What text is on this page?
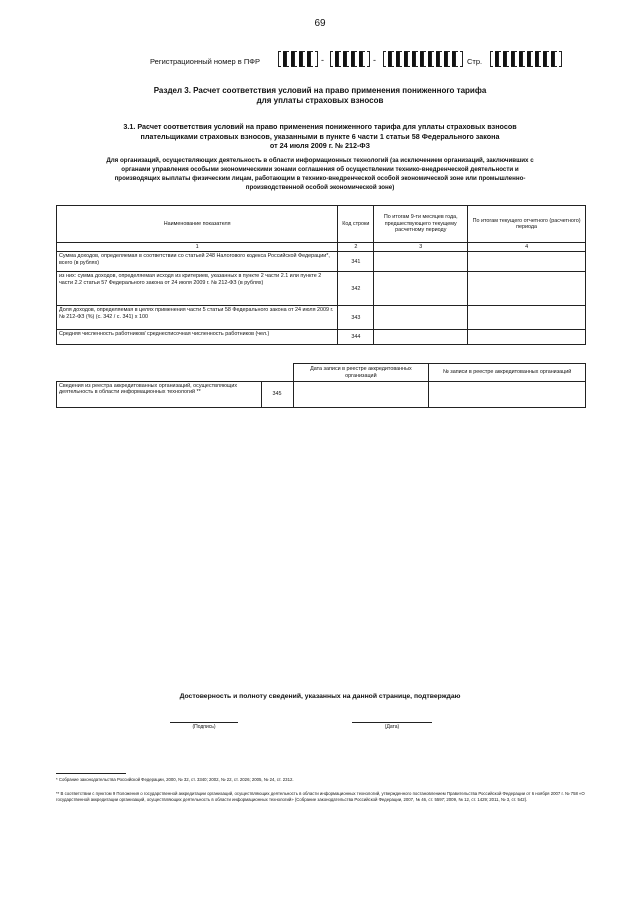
69
Регистрационный номер в ПФР	-	-	Стр.
Раздел 3. Расчет соответствия условий на право применения пониженного тарифа
для уплаты страховых взносов
3.1. Расчет соответствия условий на право применения пониженного тарифа для уплаты страховых взносов
плательщиками страховых взносов, указанными в пункте 6 части 1 статьи 58 Федерального закона
от 24 июля 2009 г. № 212-ФЗ
Для организаций, осуществляющих деятельность в области информационных технологий (за исключением организаций, заключивших с
органами управления особыми экономическими зонами соглашения об осуществлении технико-внедренческой деятельности и
производящих выплаты физическим лицам, работающим в технико-внедренческой особой экономической зоне или промышленно-
производственной особой экономической зоне)
Наименование показателя	Код строки	По итогам 9-ти месяцев года, предшествующего текущему расчетному периоду	По итогам текущего отчетного (расчетного) периода
1	2	3	4
Сумма доходов, определяемая в соответствии со статьей 248 Налогового кодекса Российской Федерации*, всего (в рублях)	341		
из них: сумма доходов, определяемая исходя из критериев, указанных в пункте 2 части 2.1 или пункте 2 части 2.2 статьи 57 Федерального закона от 24 июля 2009 г. № 212-ФЗ (в рублях)	342		
Доля доходов, определяемая в целях применения части 5 статьи 58 Федерального закона от 24 июля 2009 г. № 212-ФЗ (%) (с. 342 / с. 341) x 100	343		
Средняя численность работников/ среднесписочная численность работников (чел.)	344		
		Дата записи в реестре аккредитованных организаций	№ записи в реестре аккредитованных организаций
Сведения из реестра аккредитованных организаций, осуществляющих деятельность в области информационных технологий **	345		
Достоверность и полноту сведений, указанных на данной странице, подтверждаю
(Подпись)	(Дата)
* Собрание законодательства Российской Федерации, 2000, № 32, ст. 3340; 2002, № 22, ст. 2026; 2005, № 24, ст. 2312.
** В соответствии с пунктом 9 Положения о государственной аккредитации организаций, осуществляющих деятельность в области информационных технологий, утвержденного постановлением Правительства Российской Федерации от 6 ноября 2007 г. № 758 «О государственной аккредитации организаций, осуществляющих деятельность в области информационных технологий» (Собрание законодательства Российской Федерации, 2007, № 46, ст. 5597; 2009, № 12, ст. 1429; 2011, № 3, ст. 542).
